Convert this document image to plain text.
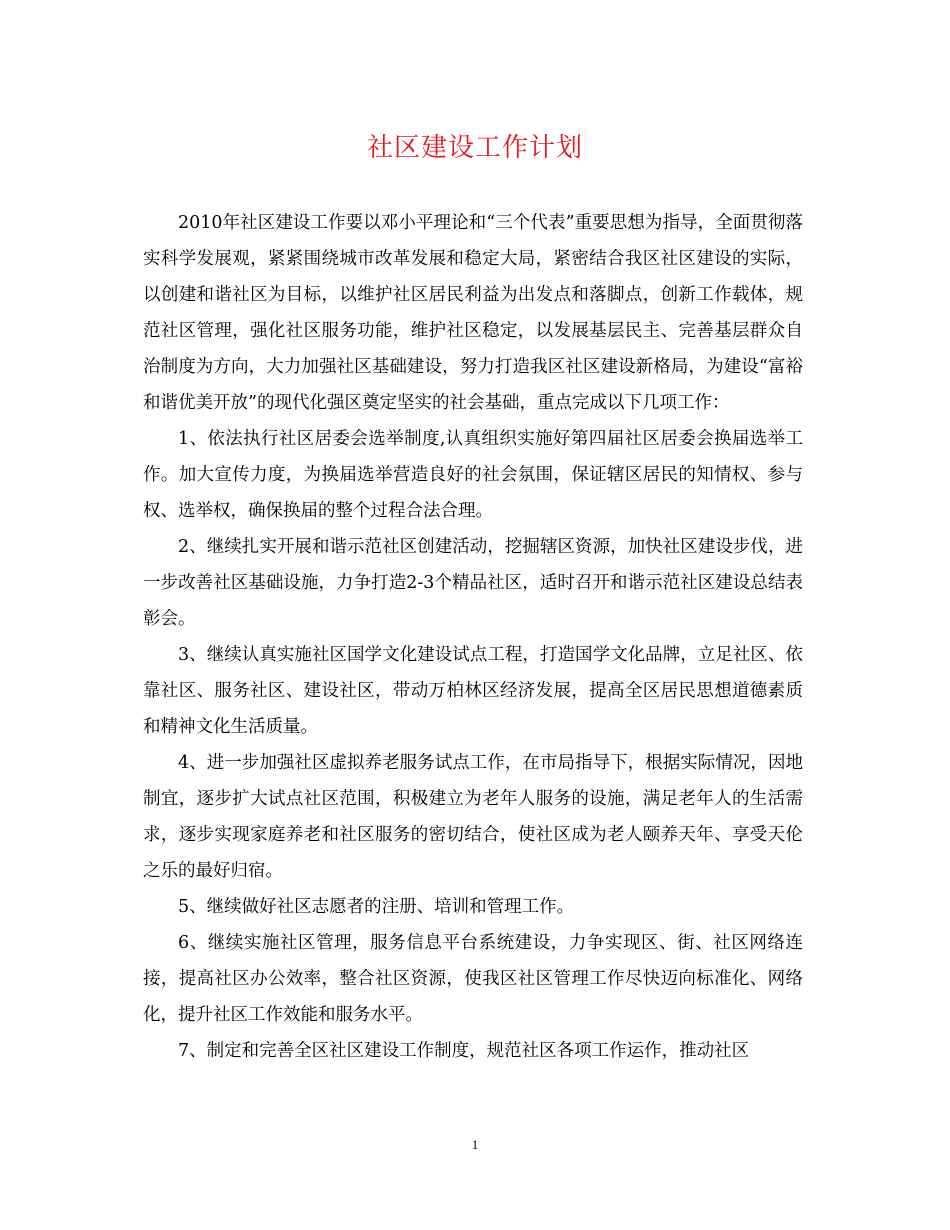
社区建设工作计划

2010年社区建设工作要以邓小平理论和“三个代表”重要思想为指导，全面贯彻落实科学发展观，紧紧围绕城市改革发展和稳定大局，紧密结合我区社区建设的实际，以创建和谐社区为目标，以维护社区居民利益为出发点和落脚点，创新工作载体，规范社区管理，强化社区服务功能，维护社区稳定，以发展基层民主、完善基层群众自治制度为方向，大力加强社区基础建设，努力打造我区社区建设新格局，为建设“富裕和谐优美开放”的现代化强区奠定坚实的社会基础，重点完成以下几项工作：

1、依法执行社区居委会选举制度,认真组织实施好第四届社区居委会换届选举工作。加大宣传力度，为换届选举营造良好的社会氛围，保证辖区居民的知情权、参与权、选举权，确保换届的整个过程合法合理。

2、继续扎实开展和谐示范社区创建活动，挖掘辖区资源，加快社区建设步伐，进一步改善社区基础设施，力争打造2-3个精品社区，适时召开和谐示范社区建设总结表彰会。

3、继续认真实施社区国学文化建设试点工程，打造国学文化品牌，立足社区、依靠社区、服务社区、建设社区，带动万柏林区经济发展，提高全区居民思想道德素质和精神文化生活质量。

4、进一步加强社区虚拟养老服务试点工作，在市局指导下，根据实际情况，因地制宜，逐步扩大试点社区范围，积极建立为老年人服务的设施，满足老年人的生活需求，逐步实现家庭养老和社区服务的密切结合，使社区成为老人颐养天年、享受天伦之乐的最好归宿。

5、继续做好社区志愿者的注册、培训和管理工作。

6、继续实施社区管理，服务信息平台系统建设，力争实现区、街、社区网络连接，提高社区办公效率，整合社区资源，使我区社区管理工作尽快迈向标准化、网络化，提升社区工作效能和服务水平。

7、制定和完善全区社区建设工作制度，规范社区各项工作运作，推动社区

1
